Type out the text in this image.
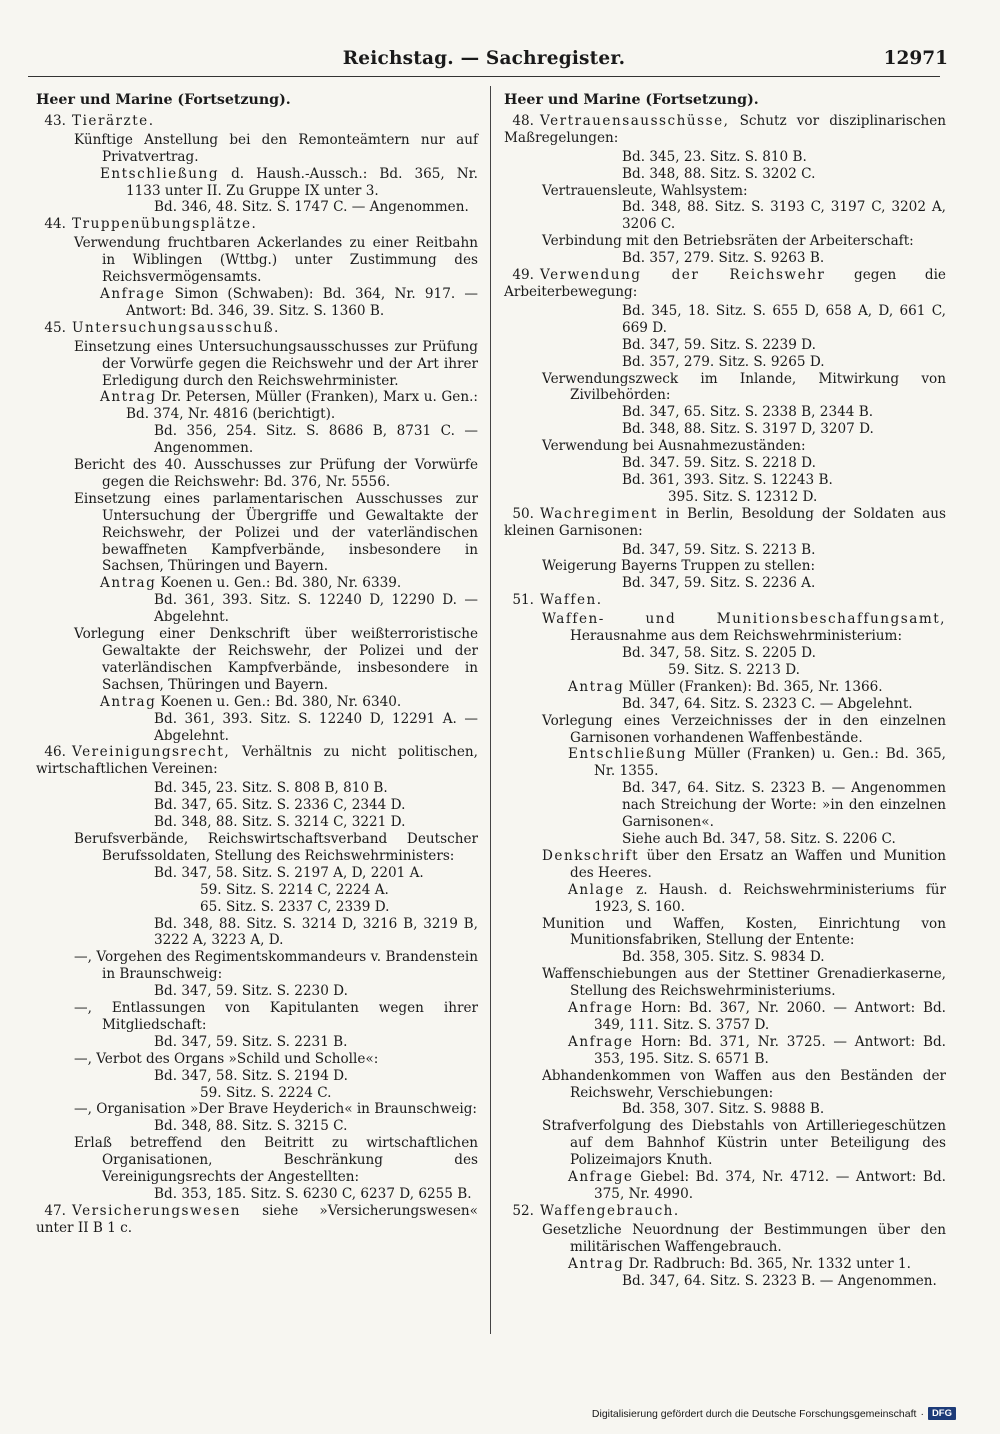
Reichstag. — Sachregister.	12971
Heer und Marine (Fortsetzung).

43. Tierärzte.

Künftige Anstellung bei den Remonteämtern nur auf Privatvertrag.

Entschließung d. Haush.-Aussch.: Bd. 365, Nr. 1133 unter II. Zu Gruppe IX unter 3.

Bd. 346, 48. Sitz. S. 1747 C. — Angenommen.

44. Truppenübungsplätze.

Verwendung fruchtbaren Ackerlandes zu einer Reitbahn in Wiblingen (Wttbg.) unter Zustimmung des Reichsvermögensamts.

Anfrage Simon (Schwaben): Bd. 364, Nr. 917. — Antwort: Bd. 346, 39. Sitz. S. 1360 B.

45. Untersuchungsausschuß.

Einsetzung eines Untersuchungsausschusses zur Prüfung der Vorwürfe gegen die Reichswehr und der Art ihrer Erledigung durch den Reichswehrminister.

Antrag Dr. Petersen, Müller (Franken), Marx u. Gen.: Bd. 374, Nr. 4816 (berichtigt).

Bd. 356, 254. Sitz. S. 8686 B, 8731 C. — Angenommen.

Bericht des 40. Ausschusses zur Prüfung der Vorwürfe gegen die Reichswehr: Bd. 376, Nr. 5556.

Einsetzung eines parlamentarischen Ausschusses zur Untersuchung der Übergriffe und Gewaltakte der Reichswehr, der Polizei und der vaterländischen bewaffneten Kampfverbände, insbesondere in Sachsen, Thüringen und Bayern.

Antrag Koenen u. Gen.: Bd. 380, Nr. 6339.

Bd. 361, 393. Sitz. S. 12240 D, 12290 D. — Abgelehnt.

Vorlegung einer Denkschrift über weißterroristische Gewaltakte der Reichswehr, der Polizei und der vaterländischen Kampfverbände, insbesondere in Sachsen, Thüringen und Bayern.

Antrag Koenen u. Gen.: Bd. 380, Nr. 6340.

Bd. 361, 393. Sitz. S. 12240 D, 12291 A. — Abgelehnt.

46. Vereinigungsrecht, Verhältnis zu nicht politischen, wirtschaftlichen Vereinen:

Bd. 345, 23. Sitz. S. 808 B, 810 B.

Bd. 347, 65. Sitz. S. 2336 C, 2344 D.

Bd. 348, 88. Sitz. S. 3214 C, 3221 D.

Berufsverbände, Reichswirtschaftsverband Deutscher Berufssoldaten, Stellung des Reichswehrministers:

Bd. 347, 58. Sitz. S. 2197 A, D, 2201 A.

59. Sitz. S. 2214 C, 2224 A.

65. Sitz. S. 2337 C, 2339 D.

Bd. 348, 88. Sitz. S. 3214 D, 3216 B, 3219 B, 3222 A, 3223 A, D.

—, Vorgehen des Regimentskommandeurs v. Brandenstein in Braunschweig:

Bd. 347, 59. Sitz. S. 2230 D.

—, Entlassungen von Kapitulanten wegen ihrer Mitgliedschaft:

Bd. 347, 59. Sitz. S. 2231 B.

—, Verbot des Organs »Schild und Scholle«:

Bd. 347, 58. Sitz. S. 2194 D.

59. Sitz. S. 2224 C.

—, Organisation »Der Brave Heyderich« in Braunschweig:

Bd. 348, 88. Sitz. S. 3215 C.

Erlaß betreffend den Beitritt zu wirtschaftlichen Organisationen, Beschränkung des Vereinigungsrechts der Angestellten:

Bd. 353, 185. Sitz. S. 6230 C, 6237 D, 6255 B.

47. Versicherungswesen siehe »Versicherungswesen« unter II B 1 c.

Heer und Marine (Fortsetzung).

48. Vertrauensausschüsse, Schutz vor disziplinarischen Maßregelungen:

Bd. 345, 23. Sitz. S. 810 B.

Bd. 348, 88. Sitz. S. 3202 C.

Vertrauensleute, Wahlsystem:

Bd. 348, 88. Sitz. S. 3193 C, 3197 C, 3202 A, 3206 C.

Verbindung mit den Betriebsräten der Arbeiterschaft:

Bd. 357, 279. Sitz. S. 9263 B.

49. Verwendung der Reichswehr gegen die Arbeiterbewegung:

Bd. 345, 18. Sitz. S. 655 D, 658 A, D, 661 C, 669 D.

Bd. 347, 59. Sitz. S. 2239 D.

Bd. 357, 279. Sitz. S. 9265 D.

Verwendungszweck im Inlande, Mitwirkung von Zivilbehörden:

Bd. 347, 65. Sitz. S. 2338 B, 2344 B.

Bd. 348, 88. Sitz. S. 3197 D, 3207 D.

Verwendung bei Ausnahmezuständen:

Bd. 347. 59. Sitz. S. 2218 D.

Bd. 361, 393. Sitz. S. 12243 B.

395. Sitz. S. 12312 D.

50. Wachregiment in Berlin, Besoldung der Soldaten aus kleinen Garnisonen:

Bd. 347, 59. Sitz. S. 2213 B.

Weigerung Bayerns Truppen zu stellen:

Bd. 347, 59. Sitz. S. 2236 A.

51. Waffen.

Waffen- und Munitionsbeschaffungsamt, Herausnahme aus dem Reichswehrministerium:

Bd. 347, 58. Sitz. S. 2205 D.

59. Sitz. S. 2213 D.

Antrag Müller (Franken): Bd. 365, Nr. 1366.

Bd. 347, 64. Sitz. S. 2323 C. — Abgelehnt.

Vorlegung eines Verzeichnisses der in den einzelnen Garnisonen vorhandenen Waffenbestände.

Entschließung Müller (Franken) u. Gen.: Bd. 365, Nr. 1355.

Bd. 347, 64. Sitz. S. 2323 B. — Angenommen nach Streichung der Worte: »in den einzelnen Garnisonen«.

Siehe auch Bd. 347, 58. Sitz. S. 2206 C.

Denkschrift über den Ersatz an Waffen und Munition des Heeres.

Anlage z. Haush. d. Reichswehrministeriums für 1923, S. 160.

Munition und Waffen, Kosten, Einrichtung von Munitionsfabriken, Stellung der Entente:

Bd. 358, 305. Sitz. S. 9834 D.

Waffenschiebungen aus der Stettiner Grenadierkaserne, Stellung des Reichswehrministeriums.

Anfrage Horn: Bd. 367, Nr. 2060. — Antwort: Bd. 349, 111. Sitz. S. 3757 D.

Anfrage Horn: Bd. 371, Nr. 3725. — Antwort: Bd. 353, 195. Sitz. S. 6571 B.

Abhandenkommen von Waffen aus den Beständen der Reichswehr, Verschiebungen:

Bd. 358, 307. Sitz. S. 9888 B.

Strafverfolgung des Diebstahls von Artilleriegeschützen auf dem Bahnhof Küstrin unter Beteiligung des Polizeimajors Knuth.

Anfrage Giebel: Bd. 374, Nr. 4712. — Antwort: Bd. 375, Nr. 4990.

52. Waffengebrauch.

Gesetzliche Neuordnung der Bestimmungen über den militärischen Waffengebrauch.

Antrag Dr. Radbruch: Bd. 365, Nr. 1332 unter 1.

Bd. 347, 64. Sitz. S. 2323 B. — Angenommen.

Digitalisierung gefördert durch die Deutsche Forschungsgemeinschaft · DFG
